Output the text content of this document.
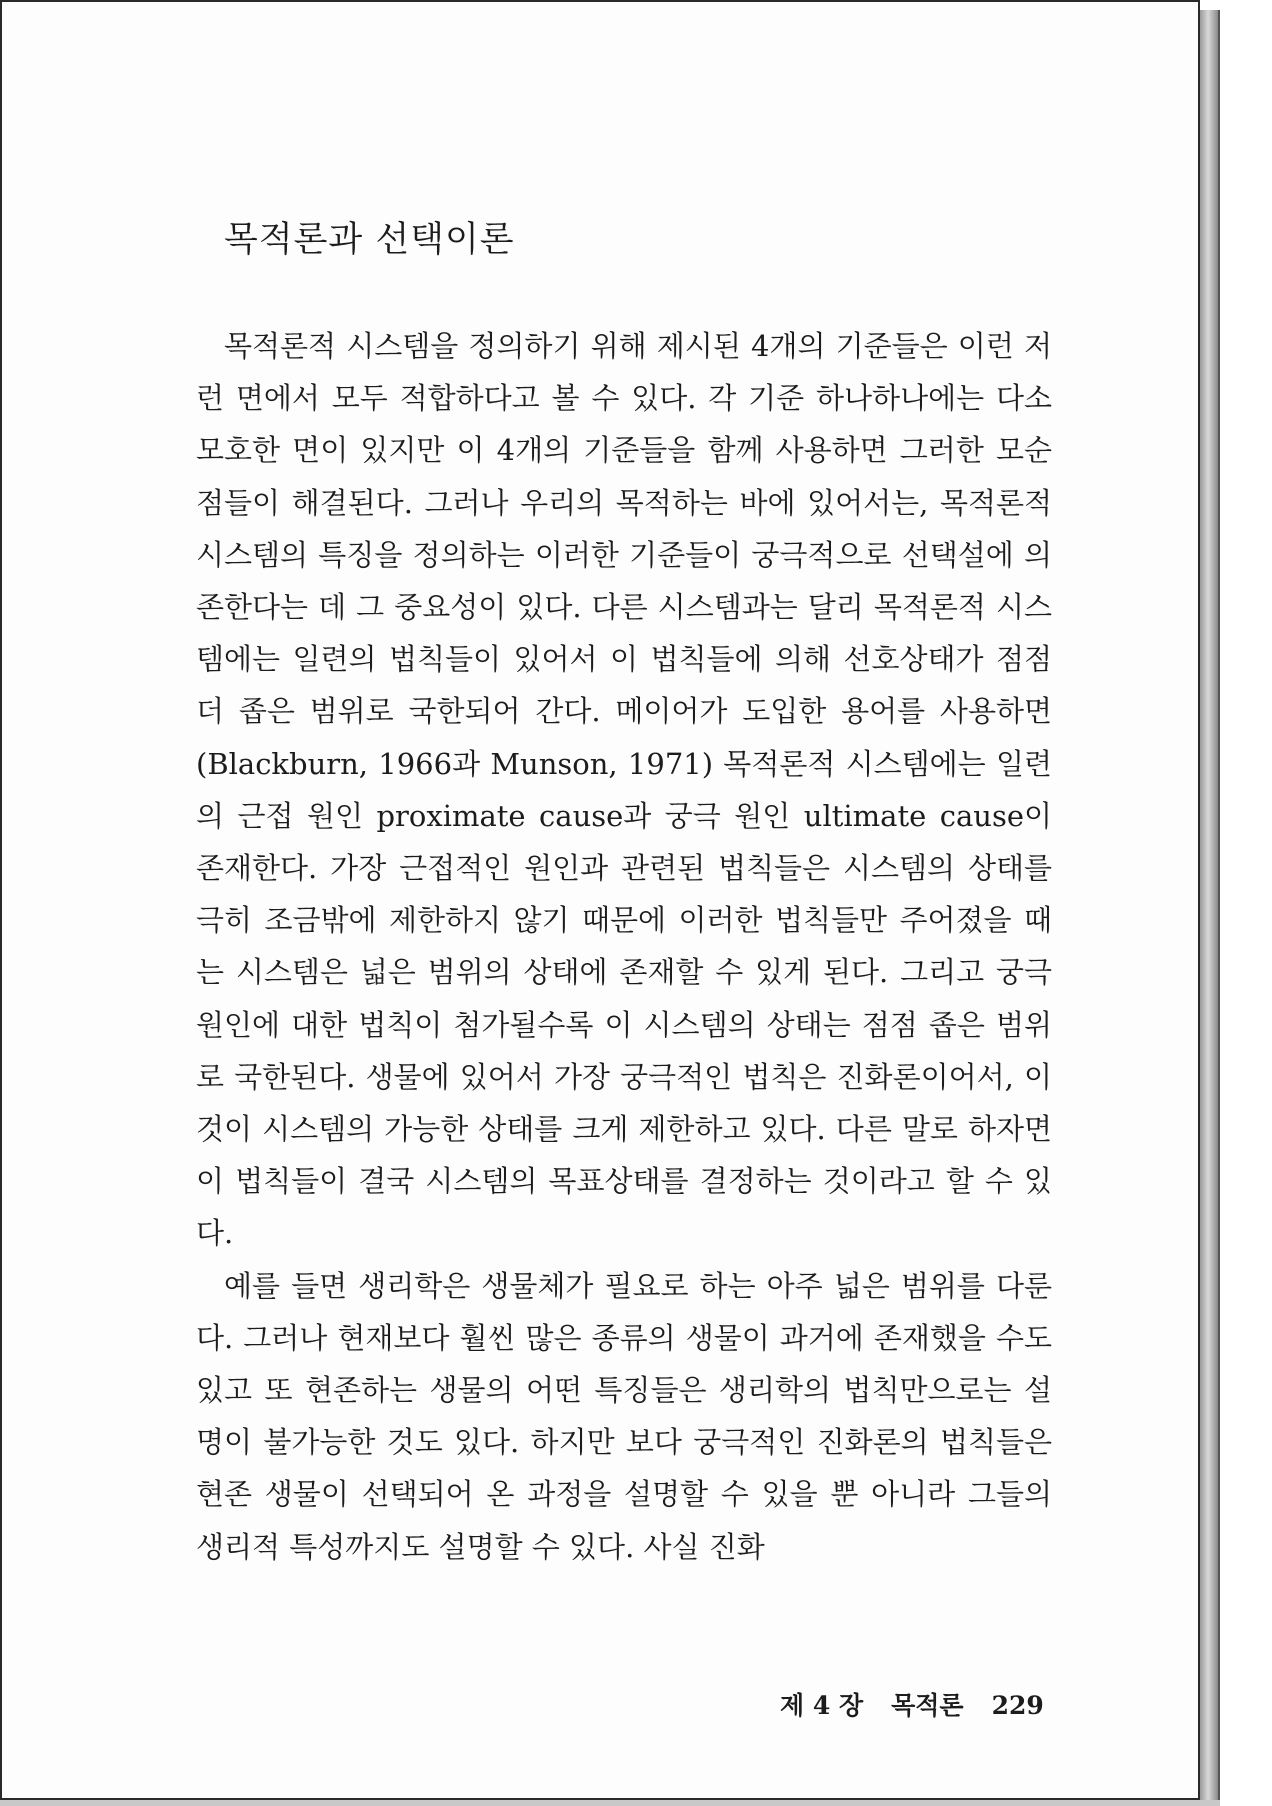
목적론과 선택이론

목적론적 시스템을 정의하기 위해 제시된 4개의 기준들은 이런 저런 면에서 모두 적합하다고 볼 수 있다. 각 기준 하나하나에는 다소 모호한 면이 있지만 이 4개의 기준들을 함께 사용하면 그러한 모순점들이 해결된다. 그러나 우리의 목적하는 바에 있어서는, 목적론적 시스템의 특징을 정의하는 이러한 기준들이 궁극적으로 선택설에 의존한다는 데 그 중요성이 있다. 다른 시스템과는 달리 목적론적 시스템에는 일련의 법칙들이 있어서 이 법칙들에 의해 선호상태가 점점 더 좁은 범위로 국한되어 간다. 메이어가 도입한 용어를 사용하면(Blackburn, 1966과 Munson, 1971) 목적론적 시스템에는 일련의 근접 원인 proximate cause과 궁극 원인 ultimate cause이 존재한다. 가장 근접적인 원인과 관련된 법칙들은 시스템의 상태를 극히 조금밖에 제한하지 않기 때문에 이러한 법칙들만 주어졌을 때는 시스템은 넓은 범위의 상태에 존재할 수 있게 된다. 그리고 궁극 원인에 대한 법칙이 첨가될수록 이 시스템의 상태는 점점 좁은 범위로 국한된다. 생물에 있어서 가장 궁극적인 법칙은 진화론이어서, 이것이 시스템의 가능한 상태를 크게 제한하고 있다. 다른 말로 하자면 이 법칙들이 결국 시스템의 목표상태를 결정하는 것이라고 할 수 있다.

예를 들면 생리학은 생물체가 필요로 하는 아주 넓은 범위를 다룬다. 그러나 현재보다 훨씬 많은 종류의 생물이 과거에 존재했을 수도 있고 또 현존하는 생물의 어떤 특징들은 생리학의 법칙만으로는 설명이 불가능한 것도 있다. 하지만 보다 궁극적인 진화론의 법칙들은 현존 생물이 선택되어 온 과정을 설명할 수 있을 뿐 아니라 그들의 생리적 특성까지도 설명할 수 있다. 사실 진화

제 4 장 목적론 229
